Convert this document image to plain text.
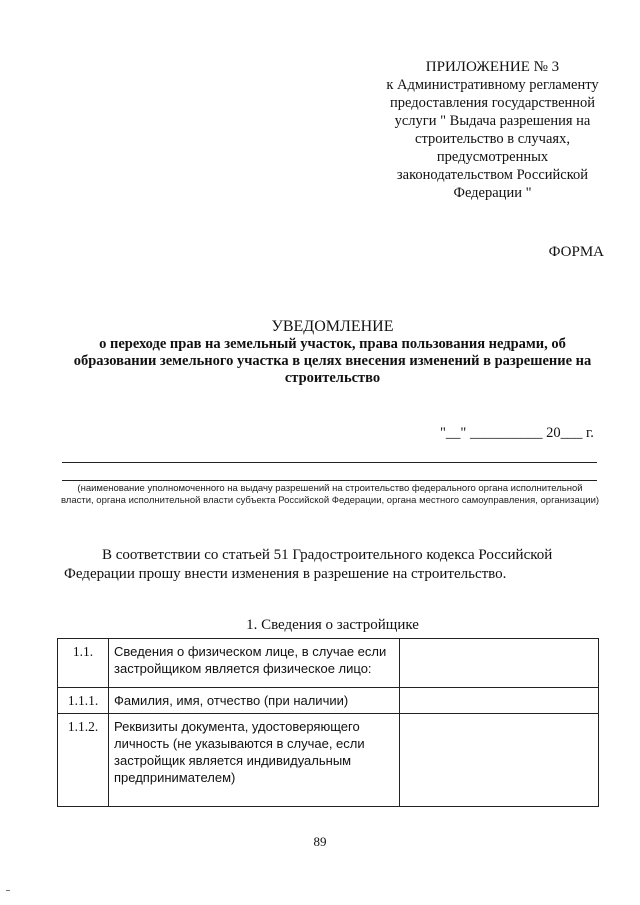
ПРИЛОЖЕНИЕ № 3
к Административному регламенту
предоставления государственной
услуги " Выдача разрешения на
строительство в случаях,
предусмотренных
законодательством Российской
Федерации "
ФОРМА
УВЕДОМЛЕНИЕ
о переходе прав на земельный участок, права пользования недрами, об образовании земельного участка в целях внесения изменений в разрешение на строительство
"__" __________ 20___ г.
(наименование уполномоченного на выдачу разрешений на строительство федерального органа исполнительной власти, органа исполнительной власти субъекта Российской Федерации, органа местного самоуправления, организации)
В соответствии со статьей 51 Градостроительного кодекса Российской Федерации прошу внести изменения в разрешение на строительство.
1. Сведения о застройщике
1.1.	Сведения о физическом лице, в случае если застройщиком является физическое лицо:	
1.1.1.	Фамилия, имя, отчество (при наличии)	
1.1.2.	Реквизиты документа, удостоверяющего личность (не указываются в случае, если застройщик является индивидуальным предпринимателем)	
89
